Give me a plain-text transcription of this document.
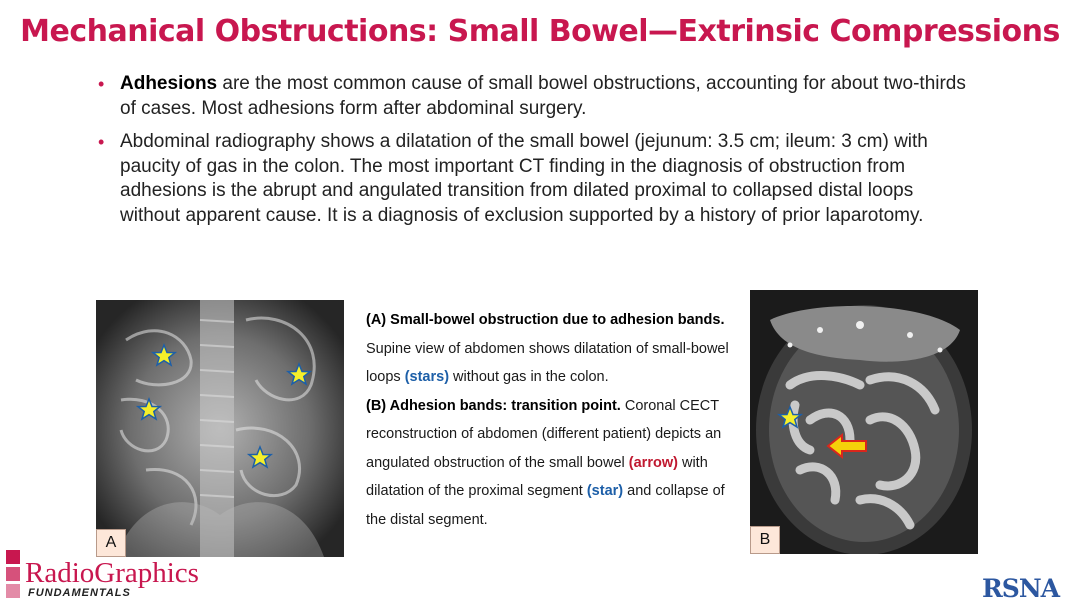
Mechanical Obstructions: Small Bowel—Extrinsic Compressions
• Adhesions are the most common cause of small bowel obstructions, accounting for about two-thirds of cases. Most adhesions form after abdominal surgery.
• Abdominal radiography shows a dilatation of the small bowel (jejunum: 3.5 cm; ileum: 3 cm) with paucity of gas in the colon. The most important CT finding in the diagnosis of obstruction from adhesions is the abrupt and angulated transition from dilated proximal to collapsed distal loops without apparent cause. It is a diagnosis of exclusion supported by a history of prior laparotomy.
A
(A) Small-bowel obstruction due to adhesion bands. Supine view of abdomen shows dilatation of small-bowel loops (stars) without gas in the colon.
(B) Adhesion bands: transition point. Coronal CECT reconstruction of abdomen (different patient) depicts an angulated obstruction of the small bowel (arrow) with dilatation of the proximal segment (star) and collapse of the distal segment.
B
RadioGraphics
FUNDAMENTALS	RSNA
